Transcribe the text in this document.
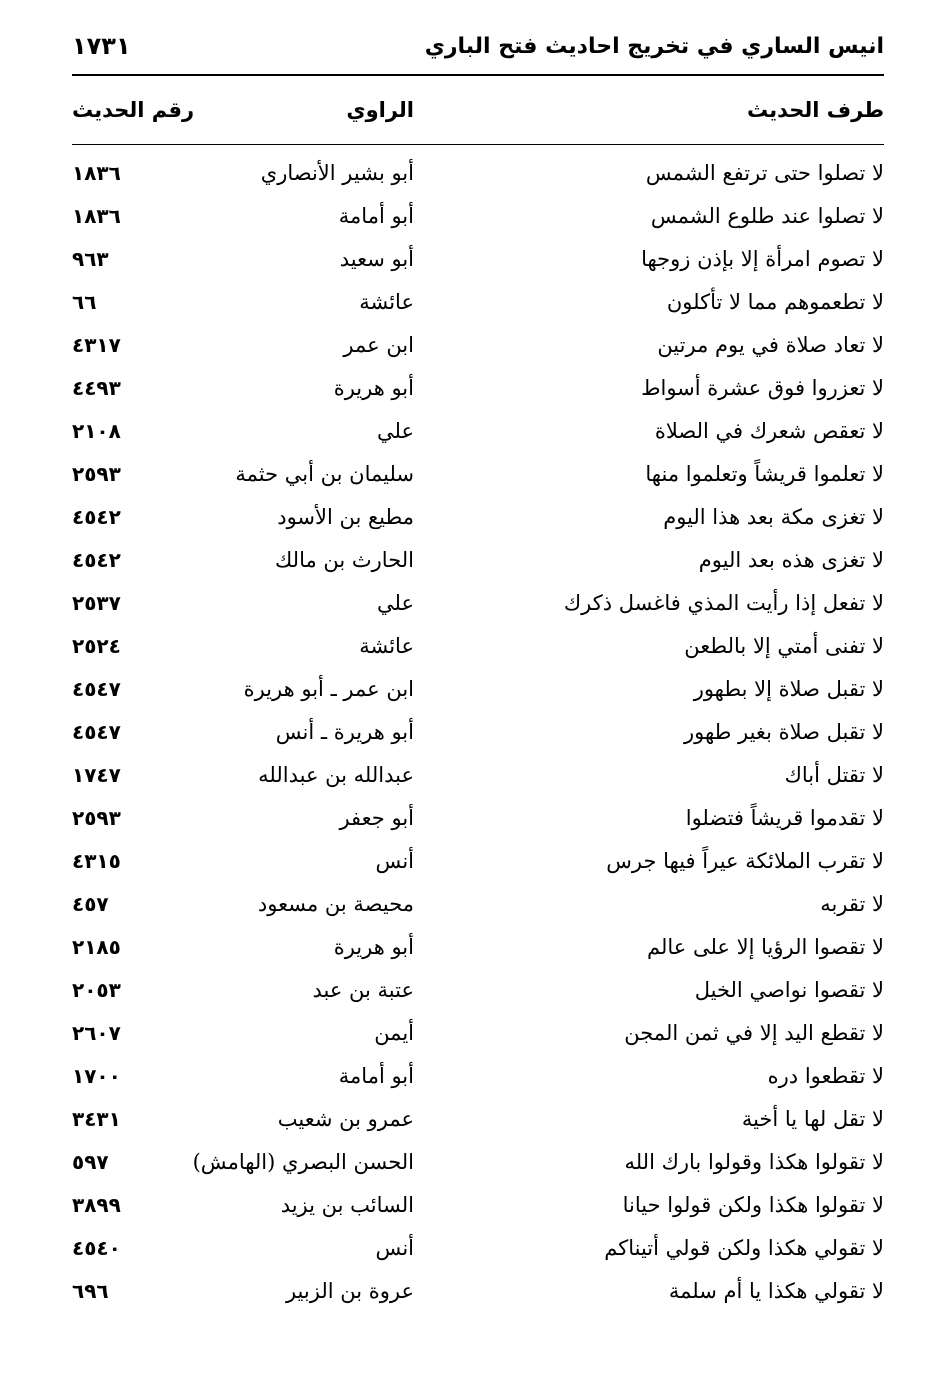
انيس الساري في تخريج احاديث فتح الباري
١٧٣١
طرف الحديث
الراوي
رقم الحديث
لا تصلوا حتى ترتفع الشمس
أبو بشير الأنصاري
١٨٣٦
لا تصلوا عند طلوع الشمس
أبو أمامة
١٨٣٦
لا تصوم امرأة إلا بإذن زوجها
أبو سعيد
٩٦٣
لا تطعموهم مما لا تأكلون
عائشة
٦٦
لا تعاد صلاة في يوم مرتين
ابن عمر
٤٣١٧
لا تعزروا فوق عشرة أسواط
أبو هريرة
٤٤٩٣
لا تعقص شعرك في الصلاة
علي
٢١٠٨
لا تعلموا قريشاً وتعلموا منها
سليمان بن أبي حثمة
٢٥٩٣
لا تغزى مكة بعد هذا اليوم
مطيع بن الأسود
٤٥٤٢
لا تغزى هذه بعد اليوم
الحارث بن مالك
٤٥٤٢
لا تفعل إذا رأيت المذي فاغسل ذكرك
علي
٢٥٣٧
لا تفنى أمتي إلا بالطعن
عائشة
٢٥٢٤
لا تقبل صلاة إلا بطهور
ابن عمر ـ أبو هريرة
٤٥٤٧
لا تقبل صلاة بغير طهور
أبو هريرة ـ أنس
٤٥٤٧
لا تقتل أباك
عبدالله بن عبدالله
١٧٤٧
لا تقدموا قريشاً فتضلوا
أبو جعفر
٢٥٩٣
لا تقرب الملائكة عيراً فيها جرس
أنس
٤٣١٥
لا تقربه
محيصة بن مسعود
٤٥٧
لا تقصوا الرؤيا إلا على عالم
أبو هريرة
٢١٨٥
لا تقصوا نواصي الخيل
عتبة بن عبد
٢٠٥٣
لا تقطع اليد إلا في ثمن المجن
أيمن
٢٦٠٧
لا تقطعوا دره
أبو أمامة
١٧٠٠
لا تقل لها يا أخية
عمرو بن شعيب
٣٤٣١
لا تقولوا هكذا وقولوا بارك الله
الحسن البصري (الهامش)
٥٩٧
لا تقولوا هكذا ولكن قولوا حيانا
السائب بن يزيد
٣٨٩٩
لا تقولي هكذا ولكن قولي أتيناكم
أنس
٤٥٤٠
لا تقولي هكذا يا أم سلمة
عروة بن الزبير
٦٩٦
